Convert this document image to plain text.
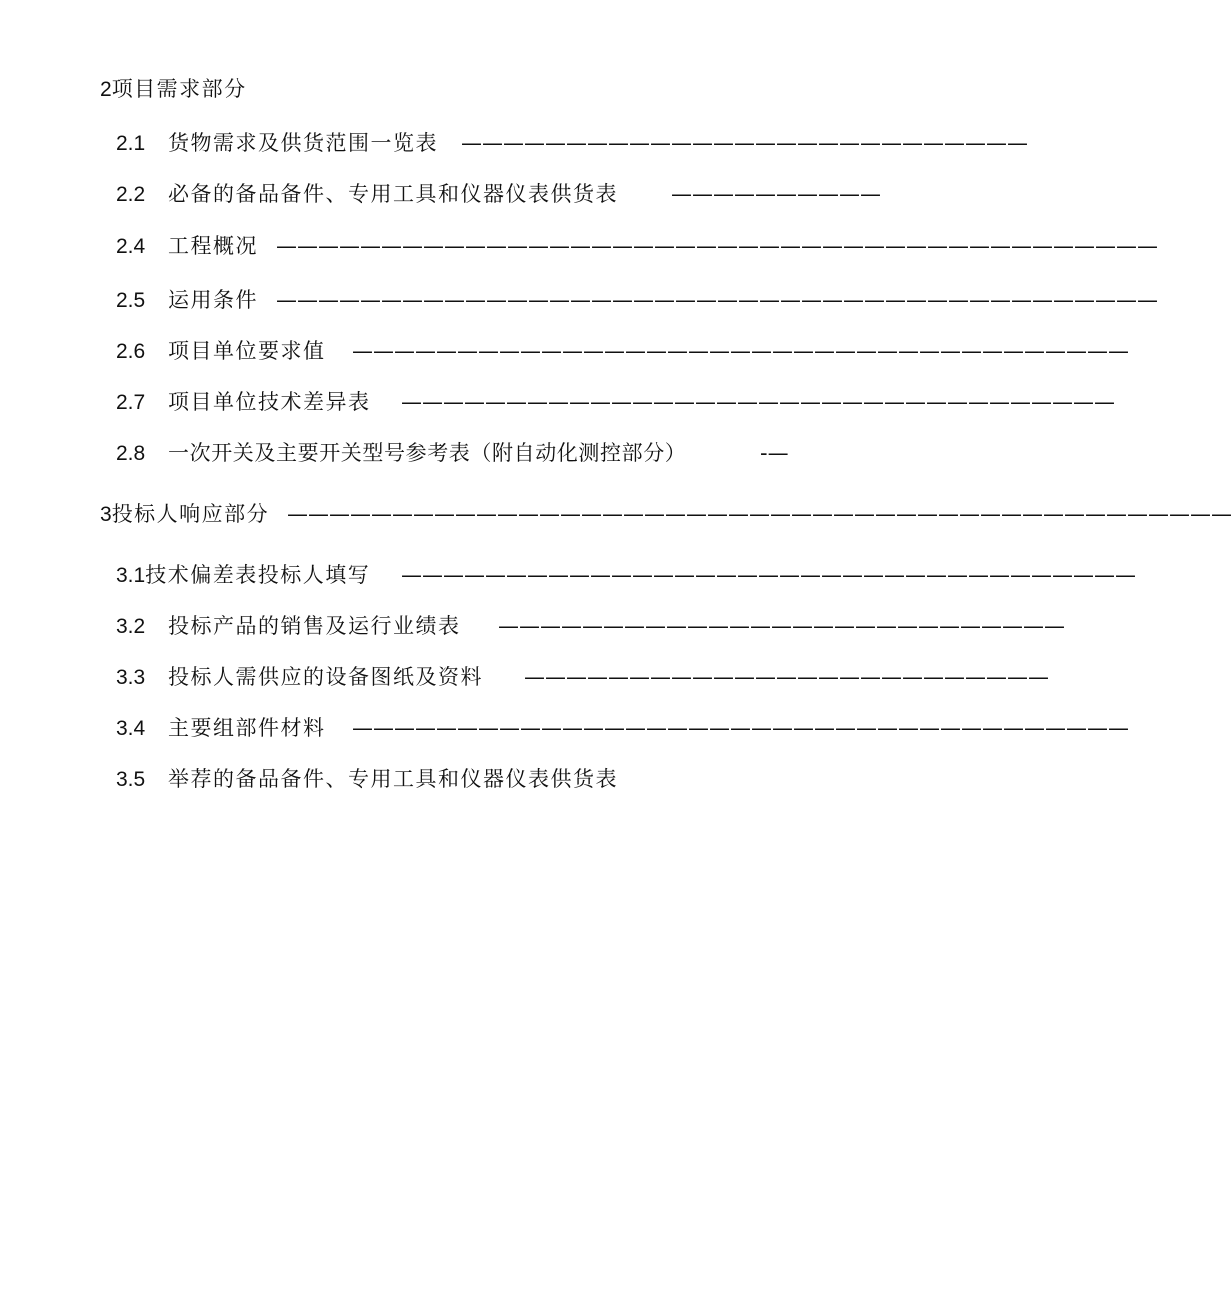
2项目需求部分
2.1 货物需求及供货范围一览表 ———————————————————————————
2.2 必备的备品备件、专用工具和仪器仪表供货表	——————————
2.4 工程概况 ——————————————————————————————————————————
2.5 运用条件 ——————————————————————————————————————————
2.6 项目单位要求值 —————————————————————————————————————
2.7 项目单位技术差异表 ——————————————————————————————————
2.8 一次开关及主要开关型号参考表（附自动化测控部分）	-—
3投标人响应部分 —————————————————————————————————————————————
3.1技术偏差表投标人填写 ———————————————————————————————————
3.2 投标产品的销售及运行业绩表 ———————————————————————————
3.3 投标人需供应的设备图纸及资料 —————————————————————————
3.4 主要组部件材料 —————————————————————————————————————
3.5 举荐的备品备件、专用工具和仪器仪表供货表
